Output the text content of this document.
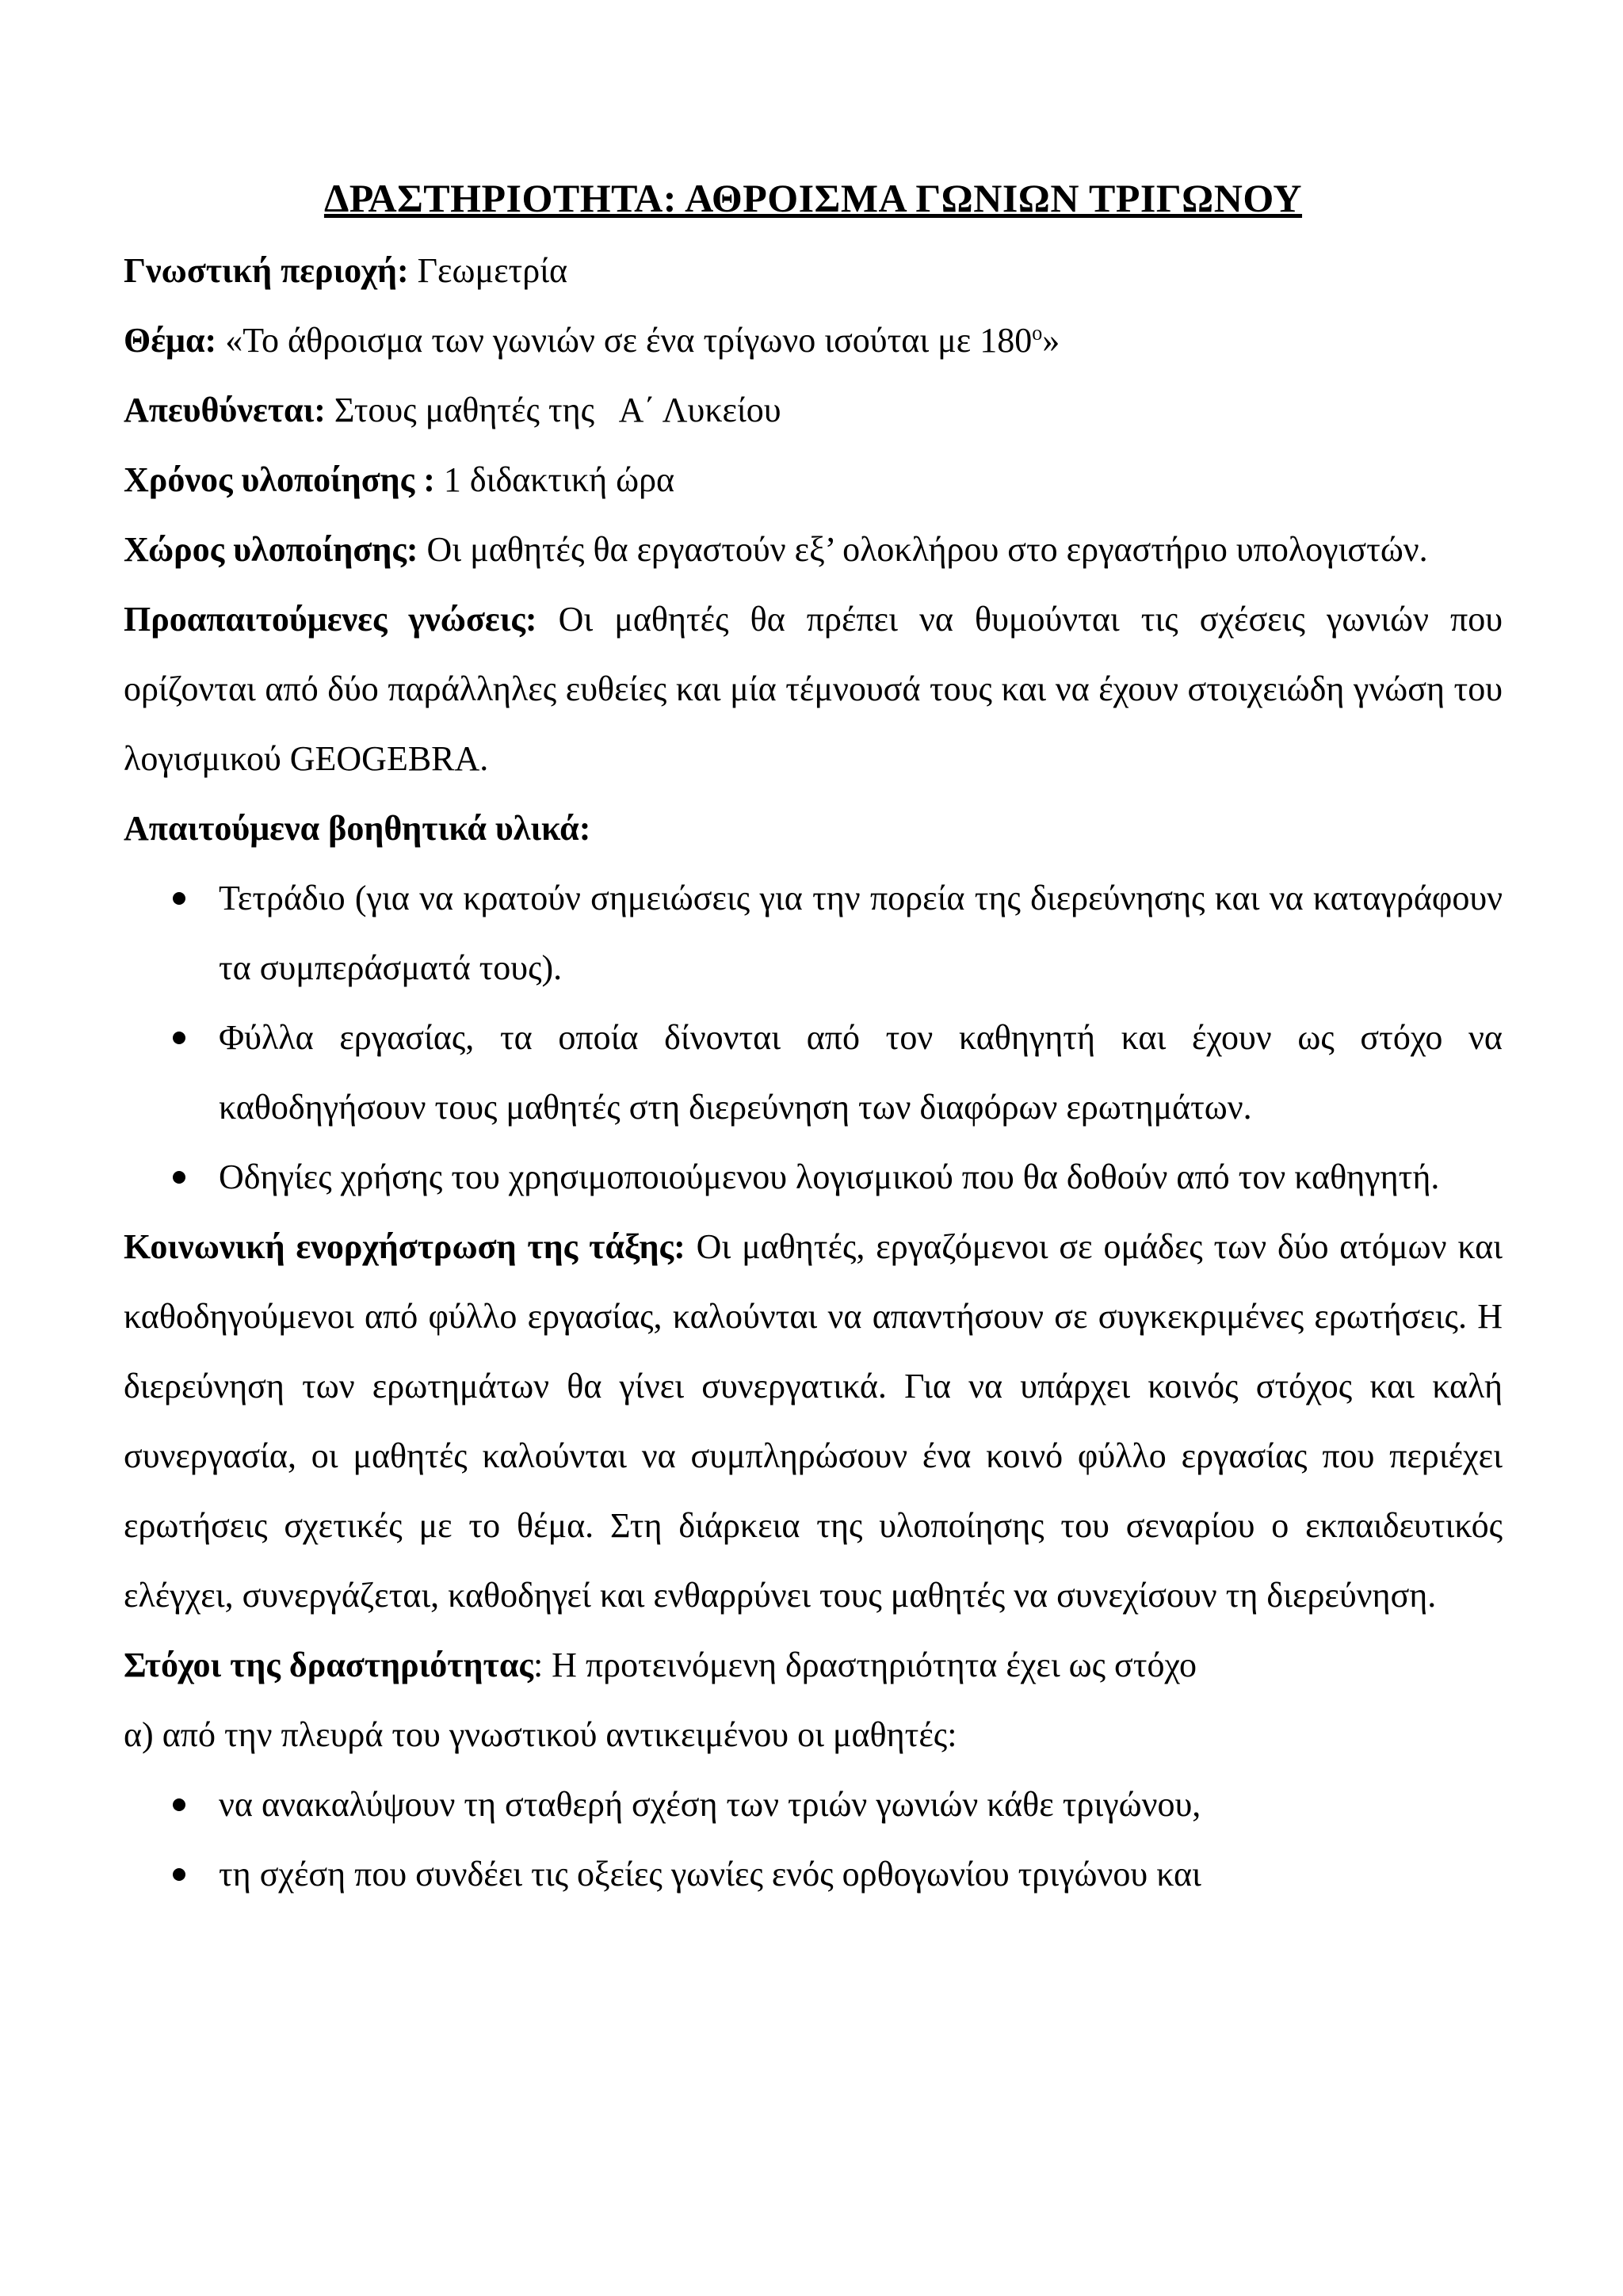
ΔΡΑΣΤΗΡΙΟΤΗΤΑ: ΑΘΡΟΙΣΜΑ ΓΩΝΙΩΝ ΤΡΙΓΩΝΟΥ

Γνωστική περιοχή: Γεωμετρία

Θέμα: «Το άθροισμα των γωνιών σε ένα τρίγωνο ισούται με $180^o$»

Απευθύνεται: Στους μαθητές της   Α΄ Λυκείου

Χρόνος υλοποίησης : 1 διδακτική ώρα

Χώρος υλοποίησης: Οι μαθητές θα εργαστούν εξ’ ολοκλήρου στο εργαστήριο υπολογιστών.

Προαπαιτούμενες γνώσεις: Οι μαθητές θα πρέπει να θυμούνται τις σχέσεις γωνιών που ορίζονται από δύο παράλληλες ευθείες και μία τέμνουσά τους και να έχουν στοιχειώδη γνώση του λογισμικού GEOGEBRA.

Απαιτούμενα βοηθητικά υλικά:

Τετράδιο (για να κρατούν σημειώσεις για την πορεία της διερεύνησης και να καταγράφουν τα συμπεράσματά τους).
Φύλλα εργασίας, τα οποία δίνονται από τον καθηγητή και έχουν ως στόχο να καθοδηγήσουν τους μαθητές στη διερεύνηση των διαφόρων ερωτημάτων.
Οδηγίες χρήσης του χρησιμοποιούμενου λογισμικού που θα δοθούν από τον καθηγητή.

Κοινωνική ενορχήστρωση της τάξης: Οι μαθητές, εργαζόμενοι σε ομάδες των δύο ατόμων και καθοδηγούμενοι από φύλλο εργασίας, καλούνται να απαντήσουν σε συγκεκριμένες ερωτήσεις. Η διερεύνηση των ερωτημάτων θα γίνει συνεργατικά. Για να υπάρχει κοινός στόχος και καλή συνεργασία, οι μαθητές καλούνται να συμπληρώσουν ένα κοινό φύλλο εργασίας που περιέχει ερωτήσεις σχετικές με το θέμα. Στη διάρκεια της υλοποίησης του σεναρίου ο εκπαιδευτικός ελέγχει, συνεργάζεται, καθοδηγεί και ενθαρρύνει τους μαθητές να συνεχίσουν τη διερεύνηση.

Στόχοι της δραστηριότητας: Η προτεινόμενη δραστηριότητα έχει ως στόχο

α) από την πλευρά του γνωστικού αντικειμένου οι μαθητές:

να ανακαλύψουν τη σταθερή σχέση των τριών γωνιών κάθε τριγώνου,
τη σχέση που συνδέει τις οξείες γωνίες ενός ορθογωνίου τριγώνου και
